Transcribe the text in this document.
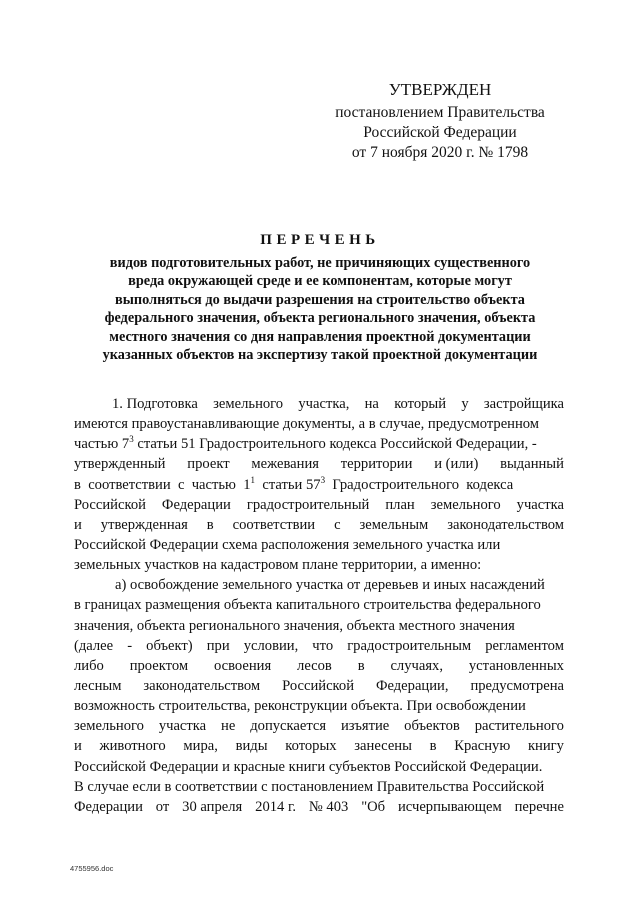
УТВЕРЖДЕН
постановлением Правительства
Российской Федерации
от 7 ноября 2020 г. № 1798
ПЕРЕЧЕНЬ
видов подготовительных работ, не причиняющих существенного
вреда окружающей среде и ее компонентам, которые могут
выполняться до выдачи разрешения на строительство объекта
федерального значения, объекта регионального значения, объекта
местного значения со дня направления проектной документации
указанных объектов на экспертизу такой проектной документации
1. Подготовка земельного участка, на который у застройщика
имеются правоустанавливающие документы, а в случае, предусмотренном
частью $7^3$ статьи 51 Градостроительного кодекса Российской Федерации, -
утвержденный проект межевания территории и (или) выданный
в  соответствии  с  частью  $1^1$  статьи $57^3$  Градостроительного  кодекса
Российской Федерации градостроительный план земельного участка
и утвержденная в соответствии с земельным законодательством
Российской Федерации схема расположения земельного участка или
земельных участков на кадастровом плане территории, а именно:
а) освобождение земельного участка от деревьев и иных насаждений
в границах размещения объекта капитального строительства федерального
значения, объекта регионального значения, объекта местного значения
(далее - объект) при условии, что градостроительным регламентом
либо проектом освоения лесов в случаях, установленных
лесным законодательством Российской Федерации, предусмотрена
возможность строительства, реконструкции объекта. При освобождении
земельного участка не допускается изъятие объектов растительного
и животного мира, виды которых занесены в Красную книгу
Российской Федерации и красные книги субъектов Российской Федерации.
В случае если в соответствии с постановлением Правительства Российской
Федерации от 30 апреля 2014 г. № 403 "Об исчерпывающем перечне
4755956.doc
